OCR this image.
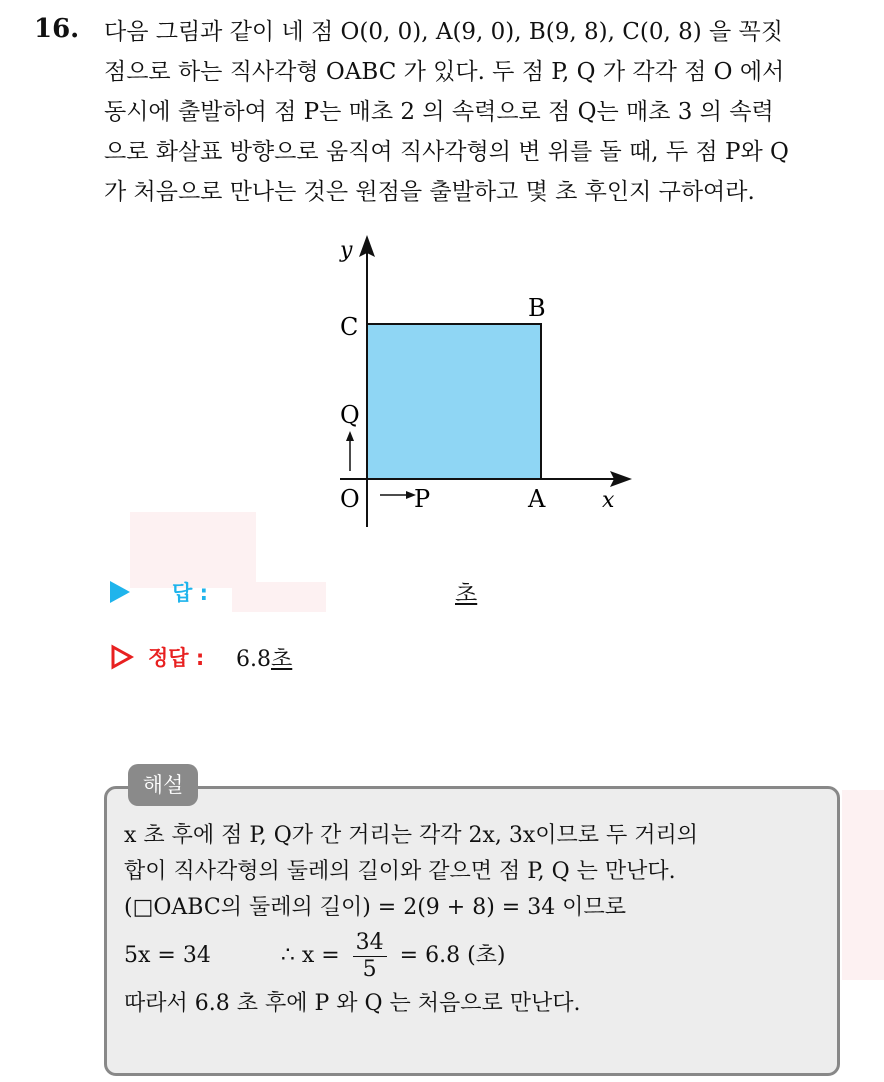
16. 다음 그림과 같이 네 점 O(0, 0), A(9, 0), B(9, 8), C(0, 8) 을 꼭짓
점으로 하는 직사각형 OABC 가 있다. 두 점 P, Q 가 각각 점 O 에서
동시에 출발하여 점 P는 매초 2 의 속력으로 점 Q는 매초 3 의 속력
으로 화살표 방향으로 움직여 직사각형의 변 위를 돌 때, 두 점 P와 Q
가 처음으로 만나는 것은 원점을 출발하고 몇 초 후인지 구하여라.
y
C
B
Q
O P	A	x
답 :	초
정답 : 6.8초
해설
x 초 후에 점 P, Q가 간 거리는 각각 2x, 3x이므로 두 거리의
합이 직사각형의 둘레의 길이와 같으면 점 P, Q 는 만난다.
(□OABC의 둘레의 길이) = 2(9 + 8) = 34 이므로
5x = 34	∴ $x = \frac{34}{5} = 6.8$ (초)
따라서 6.8 초 후에 P 와 Q 는 처음으로 만난다.
